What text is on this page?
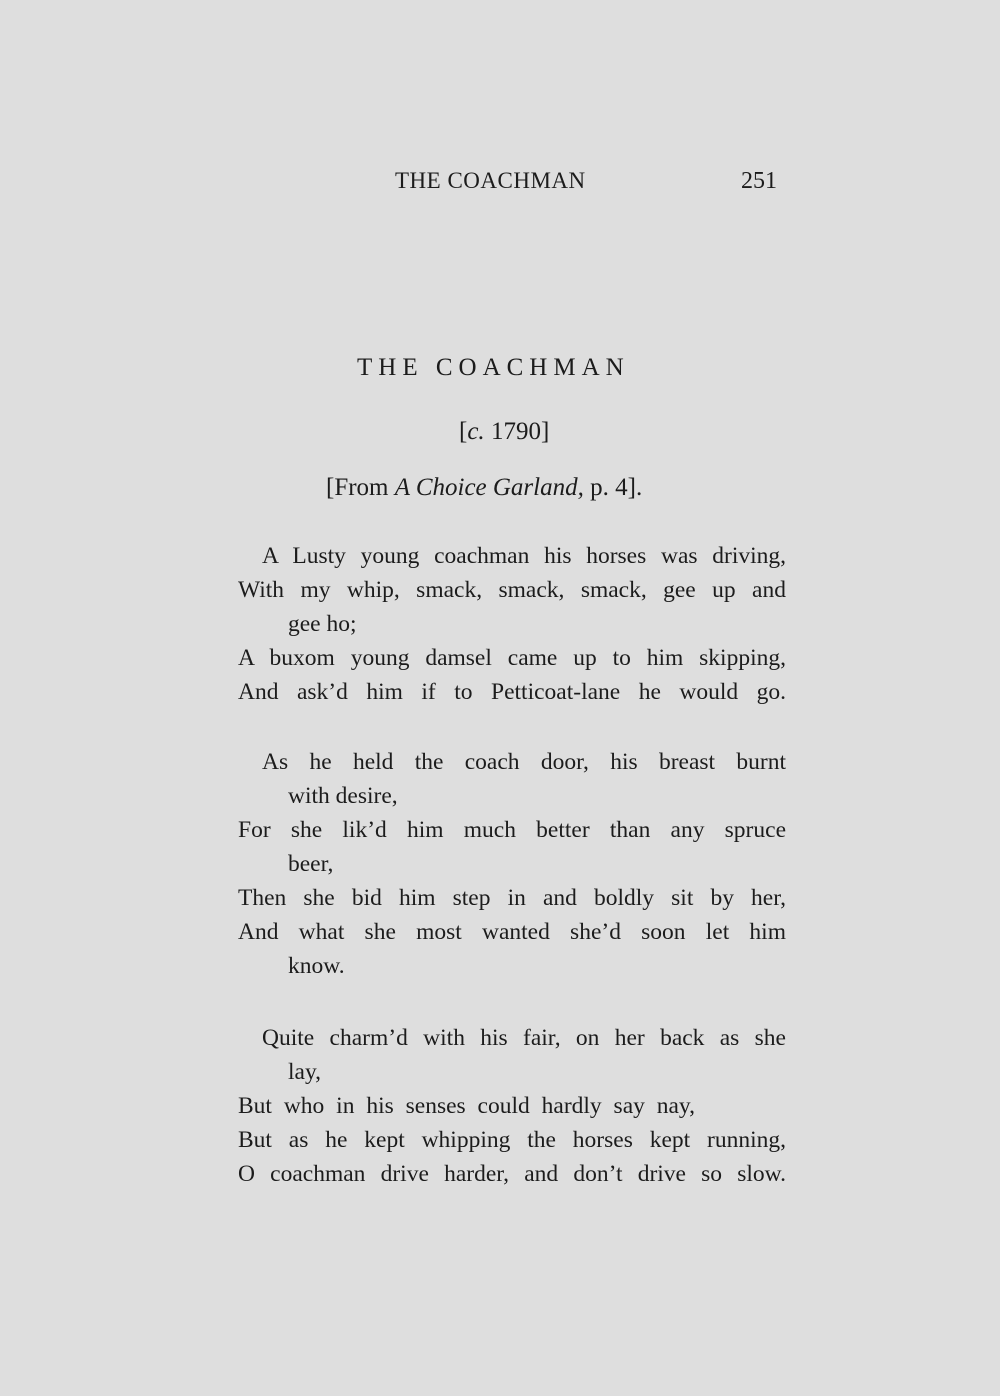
THE COACHMAN	251
THE COACHMAN
[c. 1790]
[From A Choice Garland, p. 4].
A Lusty young coachman his horses was driving,
With my whip, smack, smack, smack, gee up and
gee ho;
A buxom young damsel came up to him skipping,
And ask’d him if to Petticoat-lane he would go.
As he held the coach door, his breast burnt
with desire,
For she lik’d him much better than any spruce
beer,
Then she bid him step in and boldly sit by her,
And what she most wanted she’d soon let him
know.
Quite charm’d with his fair, on her back as she
lay,
But who in his senses could hardly say nay,
But as he kept whipping the horses kept running,
O coachman drive harder, and don’t drive so slow.
